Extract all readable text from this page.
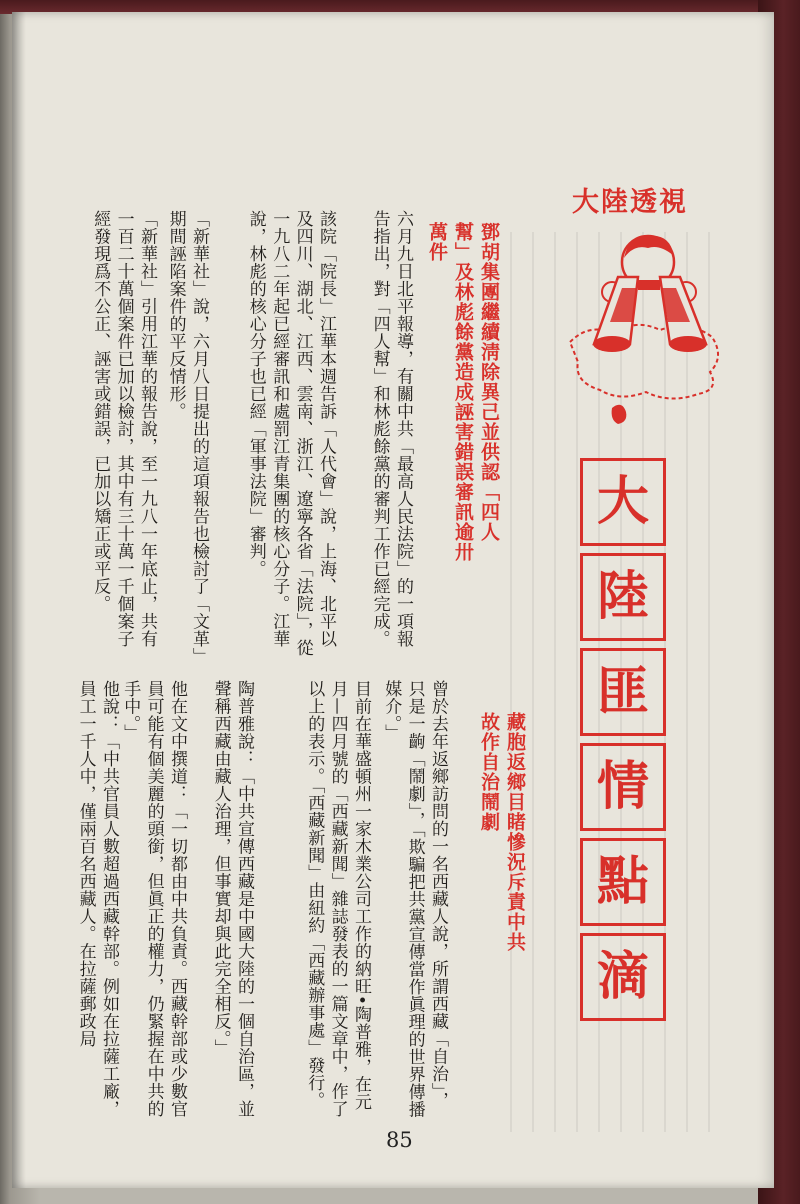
大陸透視
大
陸
匪
情
點
滴
鄧胡集團繼續淸除異己並供認「四人幫」及林彪餘黨造成誣害錯誤審訊逾卅萬件
六月九日北平報導，有關中共「最高人民法院」的一項報告指出，對「四人幫」和林彪餘黨的審判工作已經完成。
該院「院長」江華本週告訴「人代會」說，上海、北平以及四川、湖北、江西、雲南、浙江、遼寧各省「法院」，從一九八二年起已經審訊和處罰江青集團的核心分子。江華說，林彪的核心分子也已經「軍事法院」審判。
「新華社」說，六月八日提出的這項報告也檢討了「文革」期間誣陷案件的平反情形。
「新華社」引用江華的報告說，至一九八一年底止，共有一百二十萬個案件已加以檢討，其中有三十萬一千個案子經發現爲不公正、誣害或錯誤，已加以矯正或平反。
藏胞返鄉目睹慘況斥責中共故作自治鬧劇
曾於去年返鄉訪問的一名西藏人說，所謂西藏「自治」，只是一齣「鬧劇」，「欺騙把共黨宣傳當作眞理的世界傳播媒介。」
目前在華盛頓州一家木業公司工作的納旺•陶普雅，在元月—四月號的「西藏新聞」雜誌發表的一篇文章中，作了以上的表示。「西藏新聞」由紐約「西藏辦事處」發行。
陶普雅說：「中共宣傳西藏是中國大陸的一個自治區，並聲稱西藏由藏人治理，但事實却與此完全相反。」
他在文中撰道：「一切都由中共負責。西藏幹部或少數官員可能有個美麗的頭銜，但眞正的權力，仍緊握在中共的手中。」
他說：「中共官員人數超過西藏幹部。例如在拉薩工廠，員工一千人中，僅兩百名西藏人。在拉薩郵政局
85
